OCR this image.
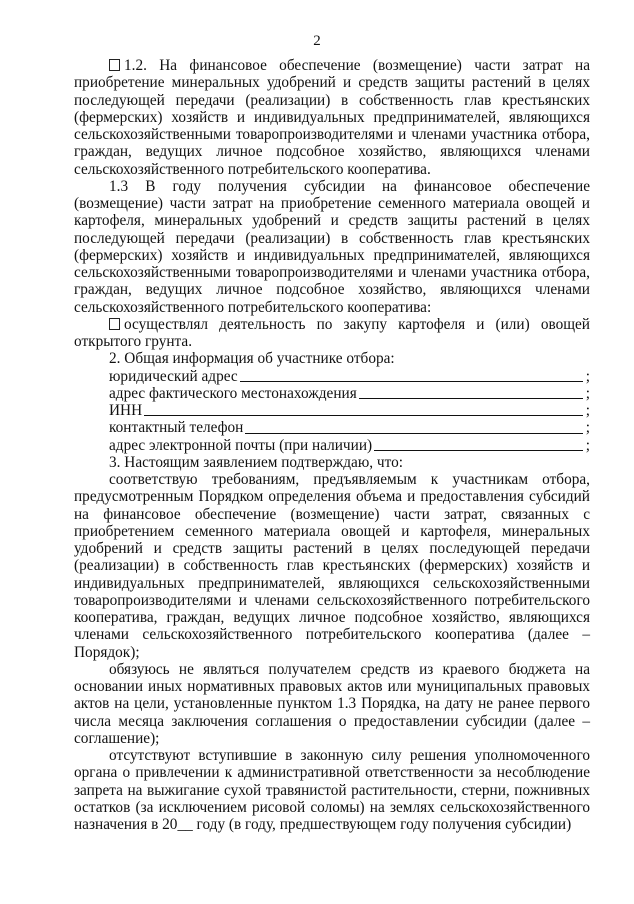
2

1.2. На финансовое обеспечение (возмещение) части затрат на приобретение минеральных удобрений и средств защиты растений в целях последующей передачи (реализации) в собственность глав крестьянских (фермерских) хозяйств и индивидуальных предпринимателей, являющихся сельскохозяйственными товаропроизводителями и членами участника отбора, граждан, ведущих личное подсобное хозяйство, являющихся членами сельскохозяйственного потребительского кооператива.

1.3 В году получения субсидии на финансовое обеспечение (возмещение) части затрат на приобретение семенного материала овощей и картофеля, минеральных удобрений и средств защиты растений в целях последующей передачи (реализации) в собственность глав крестьянских (фермерских) хозяйств и индивидуальных предпринимателей, являющихся сельскохозяйственными товаропроизводителями и членами участника отбора, граждан, ведущих личное подсобное хозяйство, являющихся членами сельскохозяйственного потребительского кооператива:

осуществлял деятельность по закупу картофеля и (или) овощей открытого грунта.

2. Общая информация об участнике отбора:

юридический адрес	;
адрес фактического местонахождения	;
ИНН	;
контактный телефон	;
адрес электронной почты (при наличии)	;

3. Настоящим заявлением подтверждаю, что:

соответствую требованиям, предъявляемым к участникам отбора, предусмотренным Порядком определения объема и предоставления субсидий на финансовое обеспечение (возмещение) части затрат, связанных с приобретением семенного материала овощей и картофеля, минеральных удобрений и средств защиты растений в целях последующей передачи (реализации) в собственность глав крестьянских (фермерских) хозяйств и индивидуальных предпринимателей, являющихся сельскохозяйственными товаропроизводителями и членами сельскохозяйственного потребительского кооператива, граждан, ведущих личное подсобное хозяйство, являющихся членами сельскохозяйственного потребительского кооператива (далее – Порядок);

обязуюсь не являться получателем средств из краевого бюджета на основании иных нормативных правовых актов или муниципальных правовых актов на цели, установленные пунктом 1.3 Порядка, на дату не ранее первого числа месяца заключения соглашения о предоставлении субсидии (далее – соглашение);

отсутствуют вступившие в законную силу решения уполномоченного органа о привлечении к административной ответственности за несоблюдение запрета на выжигание сухой травянистой растительности, стерни, пожнивных остатков (за исключением рисовой соломы) на землях сельскохозяйственного назначения в 20__ году (в году, предшествующем году получения субсидии)
